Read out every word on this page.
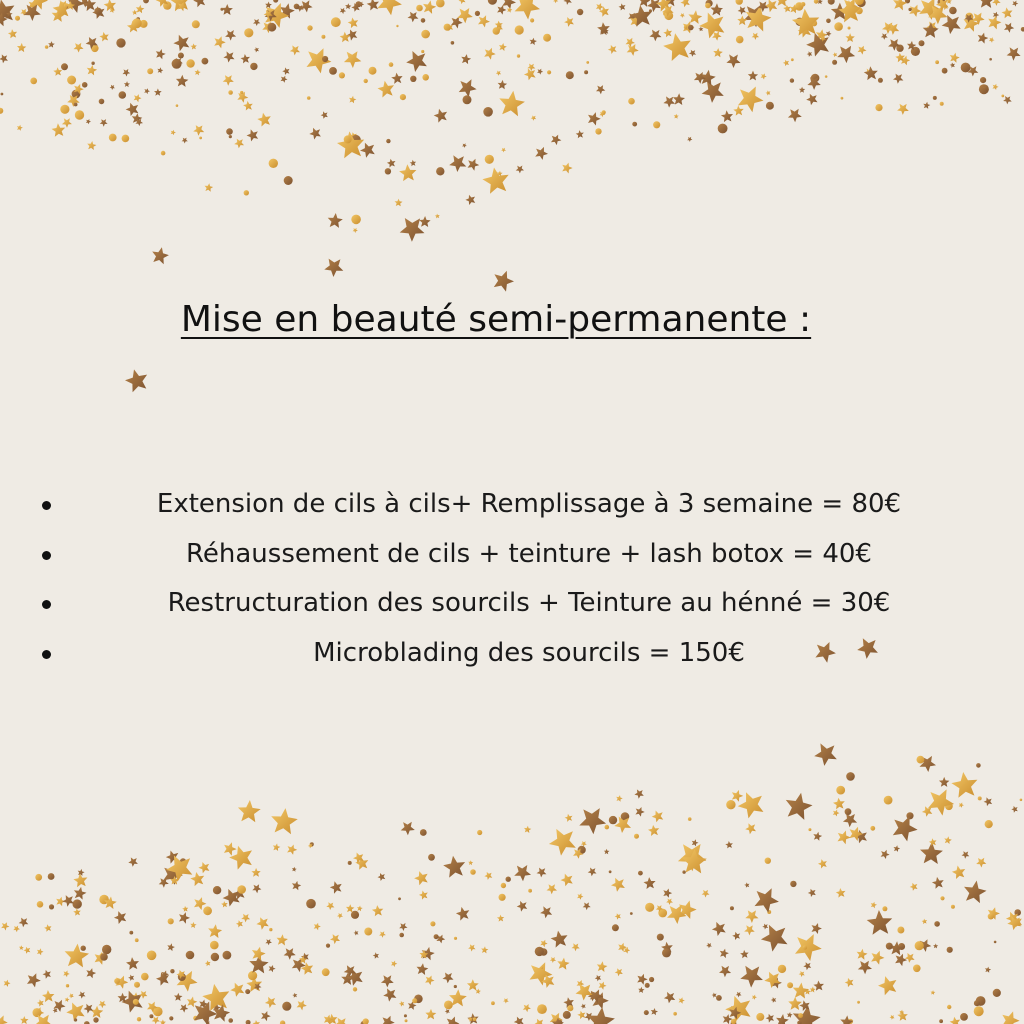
Mise en beauté semi-permanente :
Extension de cils à cils+ Remplissage à 3 semaine = 80€
Réhaussement de cils + teinture + lash botox = 40€
Restructuration des sourcils + Teinture au hénné = 30€
Microblading des sourcils = 150€
